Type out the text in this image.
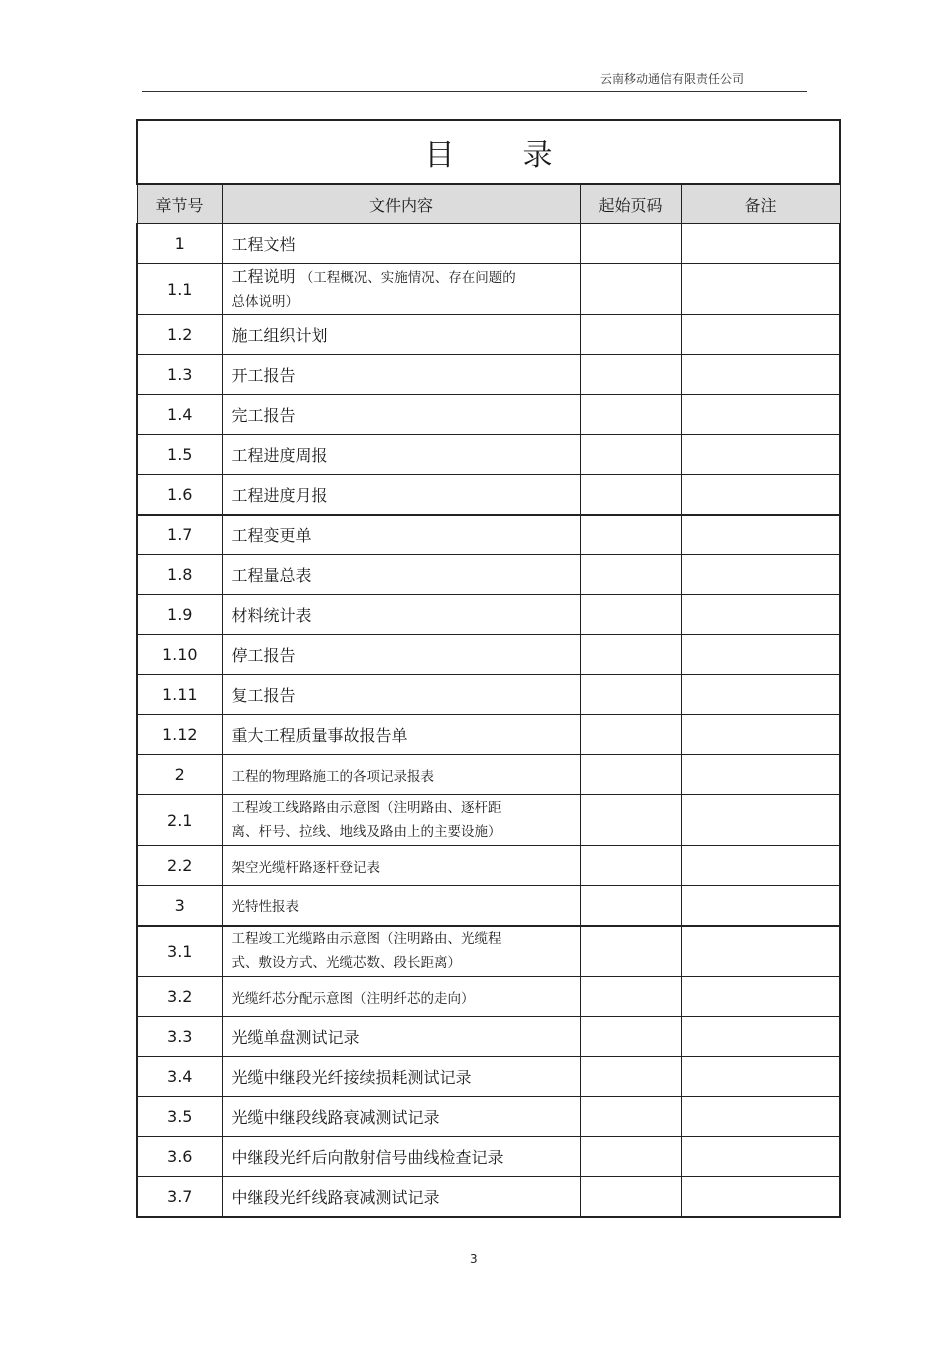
云南移动通信有限责任公司
目 录			
章节号	文件内容	起始页码	备注
1	工程文档		
1.1	工程说明 （工程概况、实施情况、存在问题的
总体说明）		
1.2	施工组织计划		
1.3	开工报告		
1.4	完工报告		
1.5	工程进度周报		
1.6	工程进度月报		
1.7	工程变更单		
1.8	工程量总表		
1.9	材料统计表		
1.10	停工报告		
1.11	复工报告		
1.12	重大工程质量事故报告单		
2	工程的物理路施工的各项记录报表		
2.1	工程竣工线路路由示意图（注明路由、逐杆距
离、杆号、拉线、地线及路由上的主要设施）		
2.2	架空光缆杆路逐杆登记表		
3	光特性报表		
3.1	工程竣工光缆路由示意图（注明路由、光缆程
式、敷设方式、光缆芯数、段长距离）		
3.2	光缆纤芯分配示意图（注明纤芯的走向）		
3.3	光缆单盘测试记录		
3.4	光缆中继段光纤接续损耗测试记录		
3.5	光缆中继段线路衰减测试记录		
3.6	中继段光纤后向散射信号曲线检查记录		
3.7	中继段光纤线路衰减测试记录		
3
